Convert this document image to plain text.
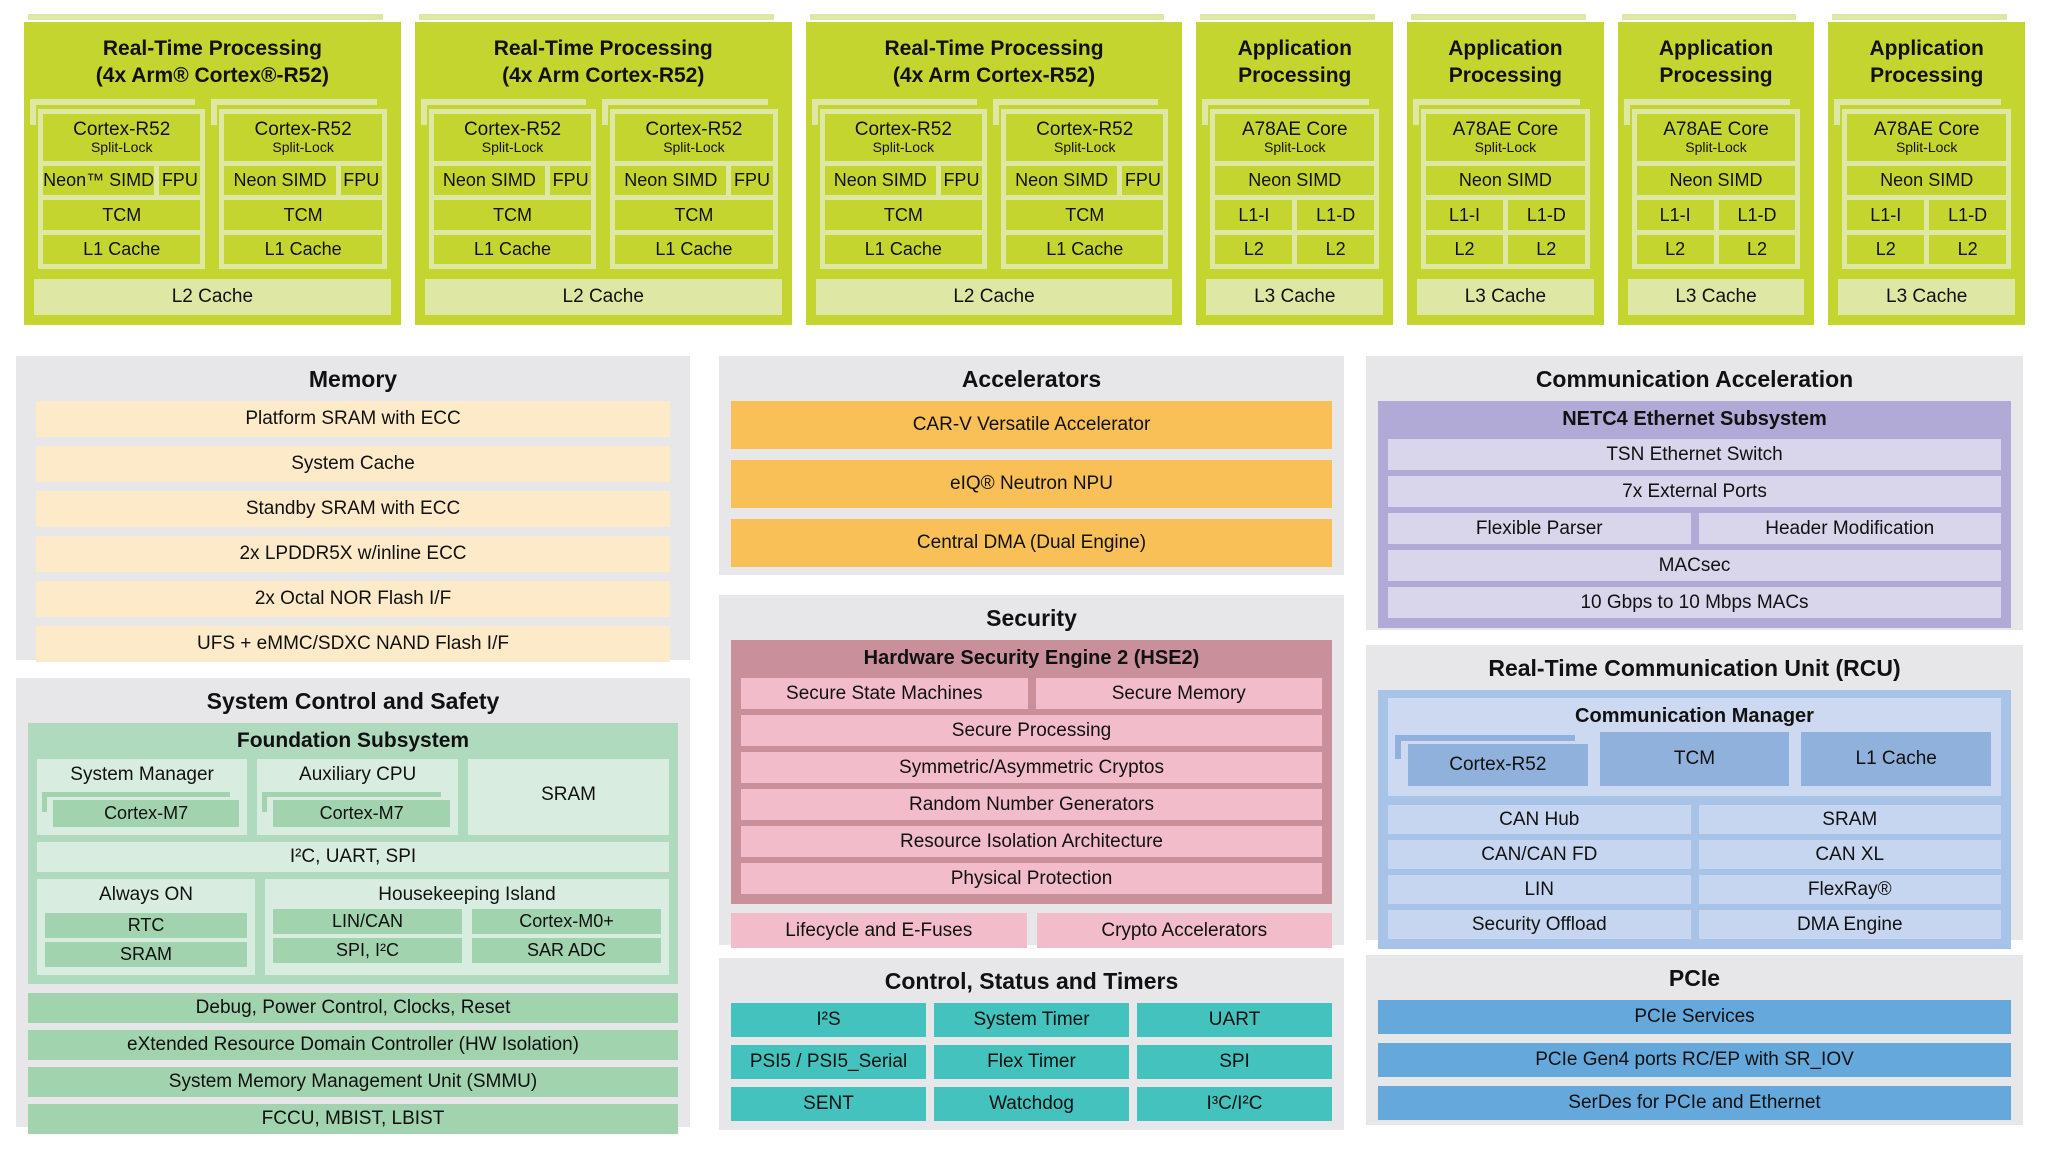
Real-Time Processing
(4x Arm® Cortex®-R52)
Cortex-R52
Split-Lock
Neon™ SIMD FPU
TCM
L1 Cache
Cortex-R52
Split-Lock
Neon SIMD FPU
TCM
L1 Cache
L2 Cache
Real-Time Processing
(4x Arm Cortex-R52)
Cortex-R52
Split-Lock
Neon SIMD FPU
TCM
L1 Cache
Cortex-R52
Split-Lock
Neon SIMD FPU
TCM
L1 Cache
L2 Cache
Real-Time Processing
(4x Arm Cortex-R52)
Cortex-R52
Split-Lock
Neon SIMD FPU
TCM
L1 Cache
Cortex-R52
Split-Lock
Neon SIMD FPU
TCM
L1 Cache
L2 Cache
Application
Processing
A78AE Core
Split-Lock
Neon SIMD
L1-I	L1-D
L2	L2
L3 Cache
Application
Processing
A78AE Core
Split-Lock
Neon SIMD
L1-I	L1-D
L2	L2
L3 Cache
Application
Processing
A78AE Core
Split-Lock
Neon SIMD
L1-I	L1-D
L2	L2
L3 Cache
Application
Processing
A78AE Core
Split-Lock
Neon SIMD
L1-I	L1-D
L2	L2
L3 Cache
Memory
Platform SRAM with ECC
System Cache
Standby SRAM with ECC
2x LPDDR5X w/inline ECC
2x Octal NOR Flash I/F
UFS + eMMC/SDXC NAND Flash I/F
System Control and Safety
Foundation Subsystem
System Manager
Cortex-M7
Auxiliary CPU
Cortex-M7
SRAM
I²C, UART, SPI
Always ON
RTC
SRAM
Housekeeping Island
LIN/CAN	Cortex-M0+
SPI, I²C	SAR ADC
Debug, Power Control, Clocks, Reset
eXtended Resource Domain Controller (HW Isolation)
System Memory Management Unit (SMMU)
FCCU, MBIST, LBIST
Accelerators
CAR-V Versatile Accelerator
eIQ® Neutron NPU
Central DMA (Dual Engine)
Security
Hardware Security Engine 2 (HSE2)
Secure State Machines	Secure Memory
Secure Processing
Symmetric/Asymmetric Cryptos
Random Number Generators
Resource Isolation Architecture
Physical Protection
Lifecycle and E-Fuses	Crypto Accelerators
Control, Status and Timers
I²S	System Timer	UART
PSI5 / PSI5_Serial	Flex Timer	SPI
SENT	Watchdog	I³C/I²C
Communication Acceleration
NETC4 Ethernet Subsystem
TSN Ethernet Switch
7x External Ports
Flexible Parser	Header Modification
MACsec
10 Gbps to 10 Mbps MACs
Real-Time Communication Unit (RCU)
Communication Manager
Cortex-R52	TCM	L1 Cache
CAN Hub	SRAM
CAN/CAN FD	CAN XL
LIN	FlexRay®
Security Offload	DMA Engine
PCIe
PCIe Services
PCIe Gen4 ports RC/EP with SR_IOV
SerDes for PCIe and Ethernet
